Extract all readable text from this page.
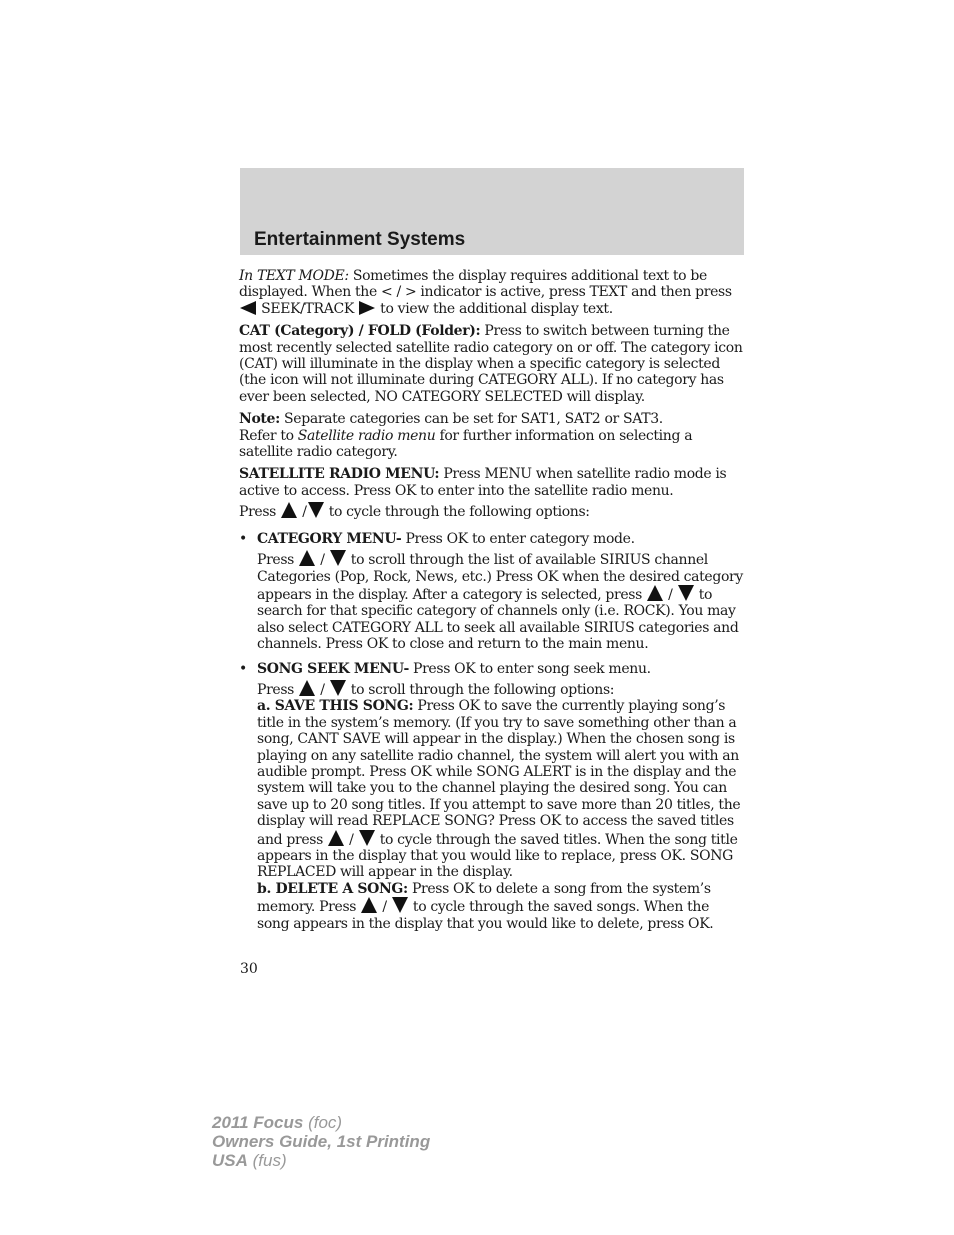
Entertainment Systems

In TEXT MODE: Sometimes the display requires additional text to be displayed. When the < / > indicator is active, press TEXT and then press  SEEK/TRACK  to view the additional display text.

CAT (Category) / FOLD (Folder): Press to switch between turning the most recently selected satellite radio category on or off. The category icon (CAT) will illuminate in the display when a specific category is selected (the icon will not illuminate during CATEGORY ALL). If no category has ever been selected, NO CATEGORY SELECTED will display.

Note: Separate categories can be set for SAT1, SAT2 or SAT3.

Refer to Satellite radio menu for further information on selecting a satellite radio category.

SATELLITE RADIO MENU: Press MENU when satellite radio mode is active to access. Press OK to enter into the satellite radio menu.

Press  / to cycle through the following options:

• CATEGORY MENU- Press OK to enter category mode.

Press  /  to scroll through the list of available SIRIUS channel Categories (Pop, Rock, News, etc.) Press OK when the desired category appears in the display. After a category is selected, press  /  to search for that specific category of channels only (i.e. ROCK). You may also select CATEGORY ALL to seek all available SIRIUS categories and channels. Press OK to close and return to the main menu.

• SONG SEEK MENU- Press OK to enter song seek menu.

Press  /  to scroll through the following options:

a. SAVE THIS SONG: Press OK to save the currently playing song’s title in the system’s memory. (If you try to save something other than a song, CANT SAVE will appear in the display.) When the chosen song is playing on any satellite radio channel, the system will alert you with an audible prompt. Press OK while SONG ALERT is in the display and the system will take you to the channel playing the desired song. You can save up to 20 song titles. If you attempt to save more than 20 titles, the display will read REPLACE SONG? Press OK to access the saved titles and press  /  to cycle through the saved titles. When the song title appears in the display that you would like to replace, press OK. SONG REPLACED will appear in the display.

b. DELETE A SONG: Press OK to delete a song from the system’s memory. Press  /  to cycle through the saved songs. When the song appears in the display that you would like to delete, press OK.

30
2011 Focus (foc)
Owners Guide, 1st Printing
USA (fus)
